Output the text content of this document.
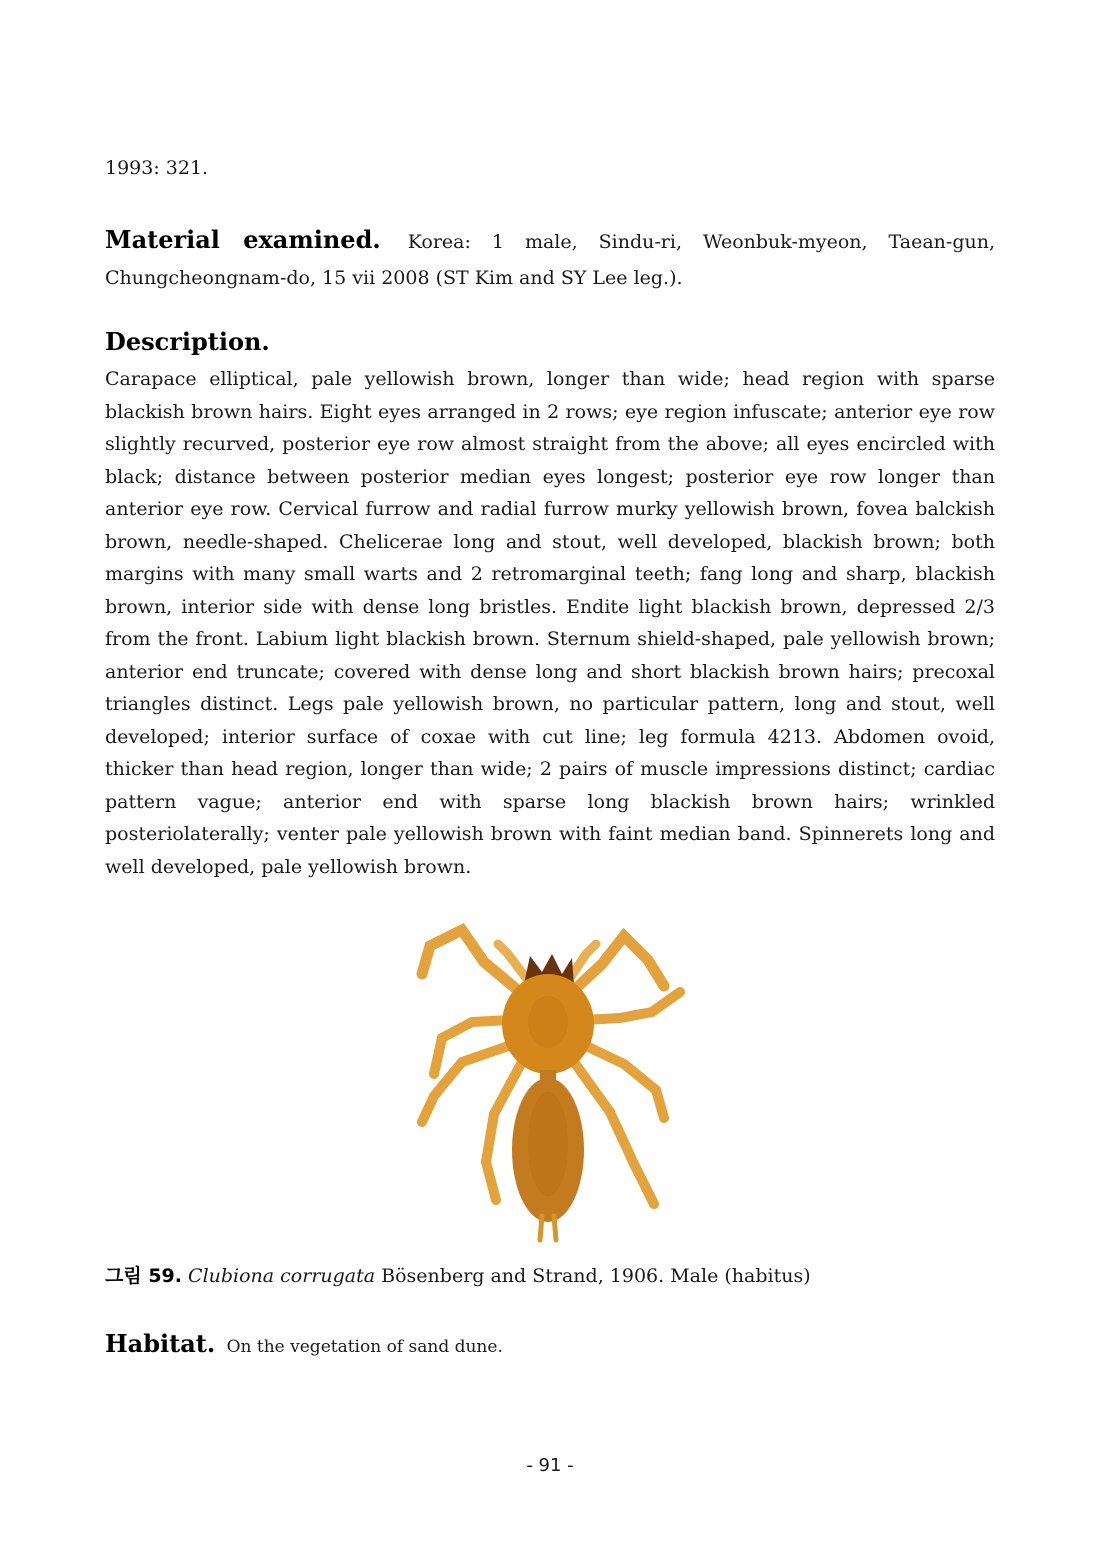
1993: 321.

Material examined. Korea: 1 male, Sindu-ri, Weonbuk-myeon, Taean-gun, Chungcheongnam-do, 15 vii 2008 (ST Kim and SY Lee leg.).

Description.

Carapace elliptical, pale yellowish brown, longer than wide; head region with sparse blackish brown hairs. Eight eyes arranged in 2 rows; eye region infuscate; anterior eye row slightly recurved, posterior eye row almost straight from the above; all eyes encircled with black; distance between posterior median eyes longest; posterior eye row longer than anterior eye row. Cervical furrow and radial furrow murky yellowish brown, fovea balckish brown, needle-shaped. Chelicerae long and stout, well developed, blackish brown; both margins with many small warts and 2 retromarginal teeth; fang long and sharp, blackish brown, interior side with dense long bristles. Endite light blackish brown, depressed 2/3 from the front. Labium light blackish brown. Sternum shield-shaped, pale yellowish brown; anterior end truncate; covered with dense long and short blackish brown hairs; precoxal triangles distinct. Legs pale yellowish brown, no particular pattern, long and stout, well developed; interior surface of coxae with cut line; leg formula 4213. Abdomen ovoid, thicker than head region, longer than wide; 2 pairs of muscle impressions distinct; cardiac pattern vague; anterior end with sparse long blackish brown hairs; wrinkled posteriolaterally; venter pale yellowish brown with faint median band. Spinnerets long and well developed, pale yellowish brown.

그림 59. Clubiona corrugata Bösenberg and Strand, 1906. Male (habitus)
Habitat. On the vegetation of sand dune.
- 91 -
